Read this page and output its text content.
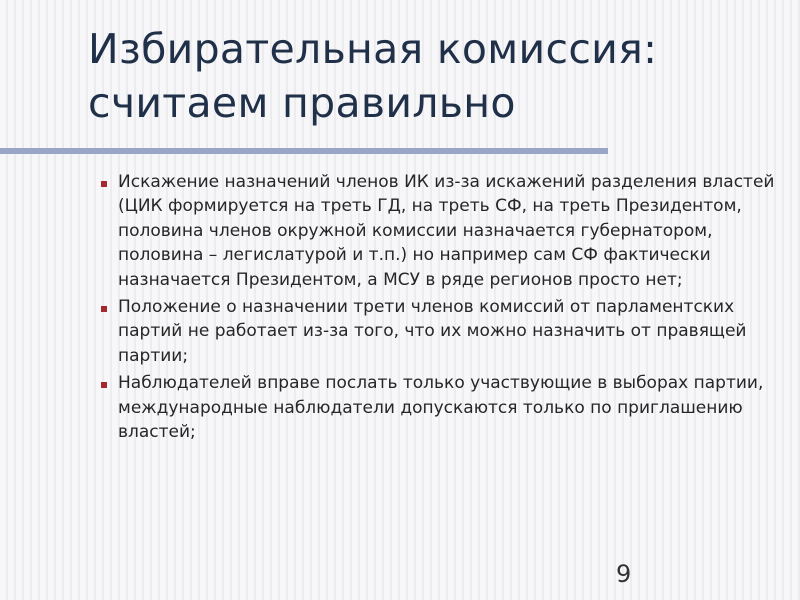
Избирательная комиссия:
считаем правильно
Искажение назначений членов ИК из-за искажений разделения властей (ЦИК формируется на треть ГД, на треть СФ, на треть Президентом, половина членов окружной комиссии назначается губернатором, половина – легислатурой и т.п.) но например сам СФ фактически назначается Президентом, а МСУ в ряде регионов просто нет;
Положение о назначении трети членов комиссий от парламентских партий не работает из-за того, что их можно назначить от правящей партии;
Наблюдателей вправе послать только участвующие в выборах партии, международные наблюдатели допускаются только по приглашению властей;
9
